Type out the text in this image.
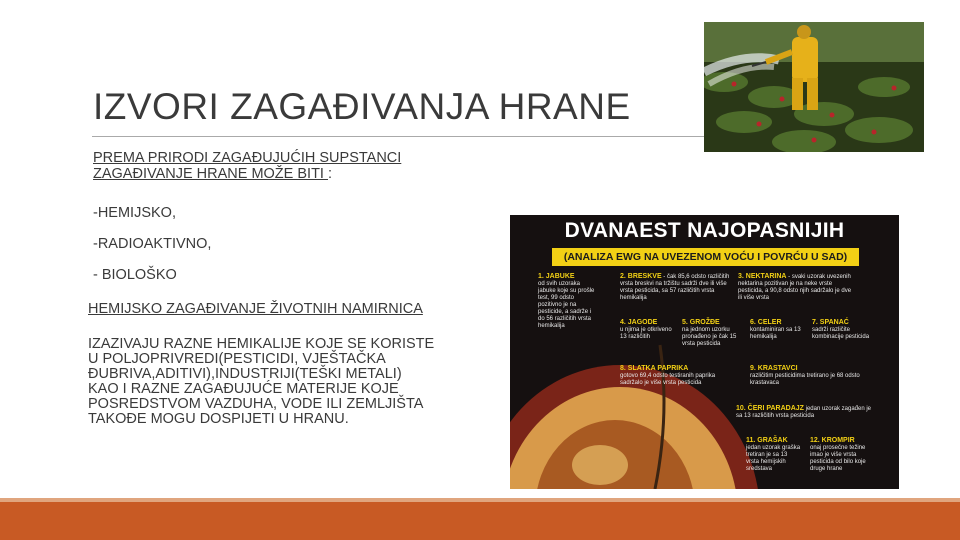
IZVORI ZAGAĐIVANJA HRANE
PREMA PRIRODI ZAGAĐUJUĆIH SUPSTANCI
ZAGAĐIVANJE HRANE MOŽE BITI :
-HEMIJSKO,
-RADIOAKTIVNO,
- BIOLOŠKO
HEMIJSKO ZAGAĐIVANJE ŽIVOTNIH NAMIRNICA
IZAZIVAJU RAZNE HEMIKALIJE KOJE SE KORISTE
U POLJOPRIVREDI(PESTICIDI, VJEŠTAČKA
ĐUBRIVA,ADITIVI),INDUSTRIJI(TEŠKI METALI)
KAO I RAZNE ZAGAĐUJUĆE MATERIJE KOJE
POSREDSTVOM VAZDUHA, VODE ILI ZEMLJIŠTA
TAKOĐE MOGU DOSPIJETI U HRANU.
DVANAEST NAJOPASNIJIH
(ANALIZA EWG NA UVEZENOM VOĆU I POVRĆU U SAD)
1. JABUKE
od svih uzoraka jabuke koje su prošle test, 99 odsto pozitivno je na pesticide, a sadrže i do 56 različitih vrsta hemikalija
2. BRESKVE - čak 85,6 odsto različitih vrsta breskvi na tržištu sadrži dve ili više vrsta pesticida, sa 57 različitih vrsta hemikalija
3. NEKTARINA - svaki uzorak uvezenih nektarina pozitivan je na neke vrste pesticida, a 90,8 odsto njih sadržalo je dve ili više vrsta
4. JAGODE
u njima je otkriveno 13 različitih
5. GROŽĐE
na jednom uzorku pronađeno je čak 15 vrsta pesticida
6. CELER
kontaminiran sa 13 hemikalija
7. SPANAĆ
sadrži različite kombinacije pesticida
8. SLATKA PAPRIKA
gotovo 69,4 odsto testiranih paprika sadržalo je više vrsta pesticida
9. KRASTAVCI
različitim pesticidima tretirano je 68 odsto krastavaca
10. ČERI PARADAJZ jedan uzorak zagađen je sa 13 različitih vrsta pesticida
11. GRAŠAK
jedan uzorak graška tretiran je sa 13 vrsta hemijskih sredstava
12. KROMPIR
onaj prosečne težine imao je više vrsta pesticida od bilo koje druge hrane
